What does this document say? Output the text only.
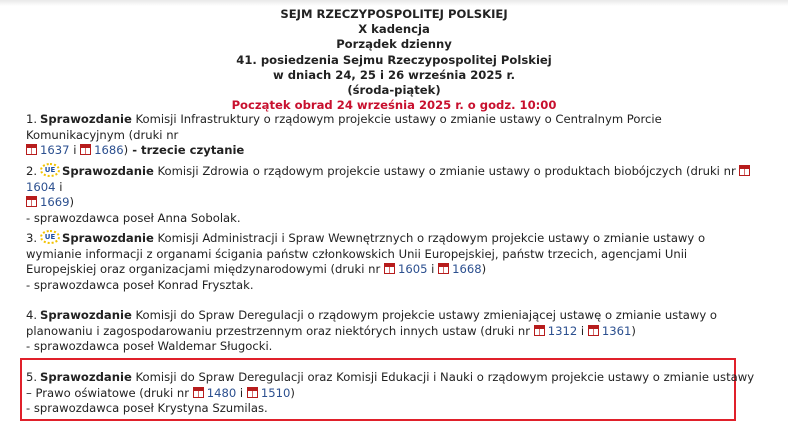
SEJM RZECZYPOSPOLITEJ POLSKIEJ
X kadencja
Porządek dzienny
41. posiedzenia Sejmu Rzeczypospolitej Polskiej
w dniach 24, 25 i 26 września 2025 r.
(środa-piątek)
Początek obrad 24 września 2025 r. o godz. 10:00
1. Sprawozdanie Komisji Infrastruktury o rządowym projekcie ustawy o zmianie ustawy o Centralnym Porcie Komunikacyjnym (druki nr
1637 i 1686) - trzecie czytanie
2.	UE Sprawozdanie Komisji Zdrowia o rządowym projekcie ustawy o zmianie ustawy o produktach biobójczych (druki nr 1604 i
1669)
- sprawozdawca poseł Anna Sobolak.
3.	UE Sprawozdanie Komisji Administracji i Spraw Wewnętrznych o rządowym projekcie ustawy o zmianie ustawy o wymianie informacji z organami ścigania państw członkowskich Unii Europejskiej, państw trzecich, agencjami Unii Europejskiej oraz organizacjami międzynarodowymi (druki nr 1605 i 1668)
- sprawozdawca poseł Konrad Frysztak.
4. Sprawozdanie Komisji do Spraw Deregulacji o rządowym projekcie ustawy zmieniającej ustawę o zmianie ustawy o planowaniu i zagospodarowaniu przestrzennym oraz niektórych innych ustaw (druki nr 1312 i 1361)
- sprawozdawca poseł Waldemar Sługocki.
5. Sprawozdanie Komisji do Spraw Deregulacji oraz Komisji Edukacji i Nauki o rządowym projekcie ustawy o zmianie ustawy – Prawo oświatowe (druki nr 1480 i 1510)
- sprawozdawca poseł Krystyna Szumilas.
